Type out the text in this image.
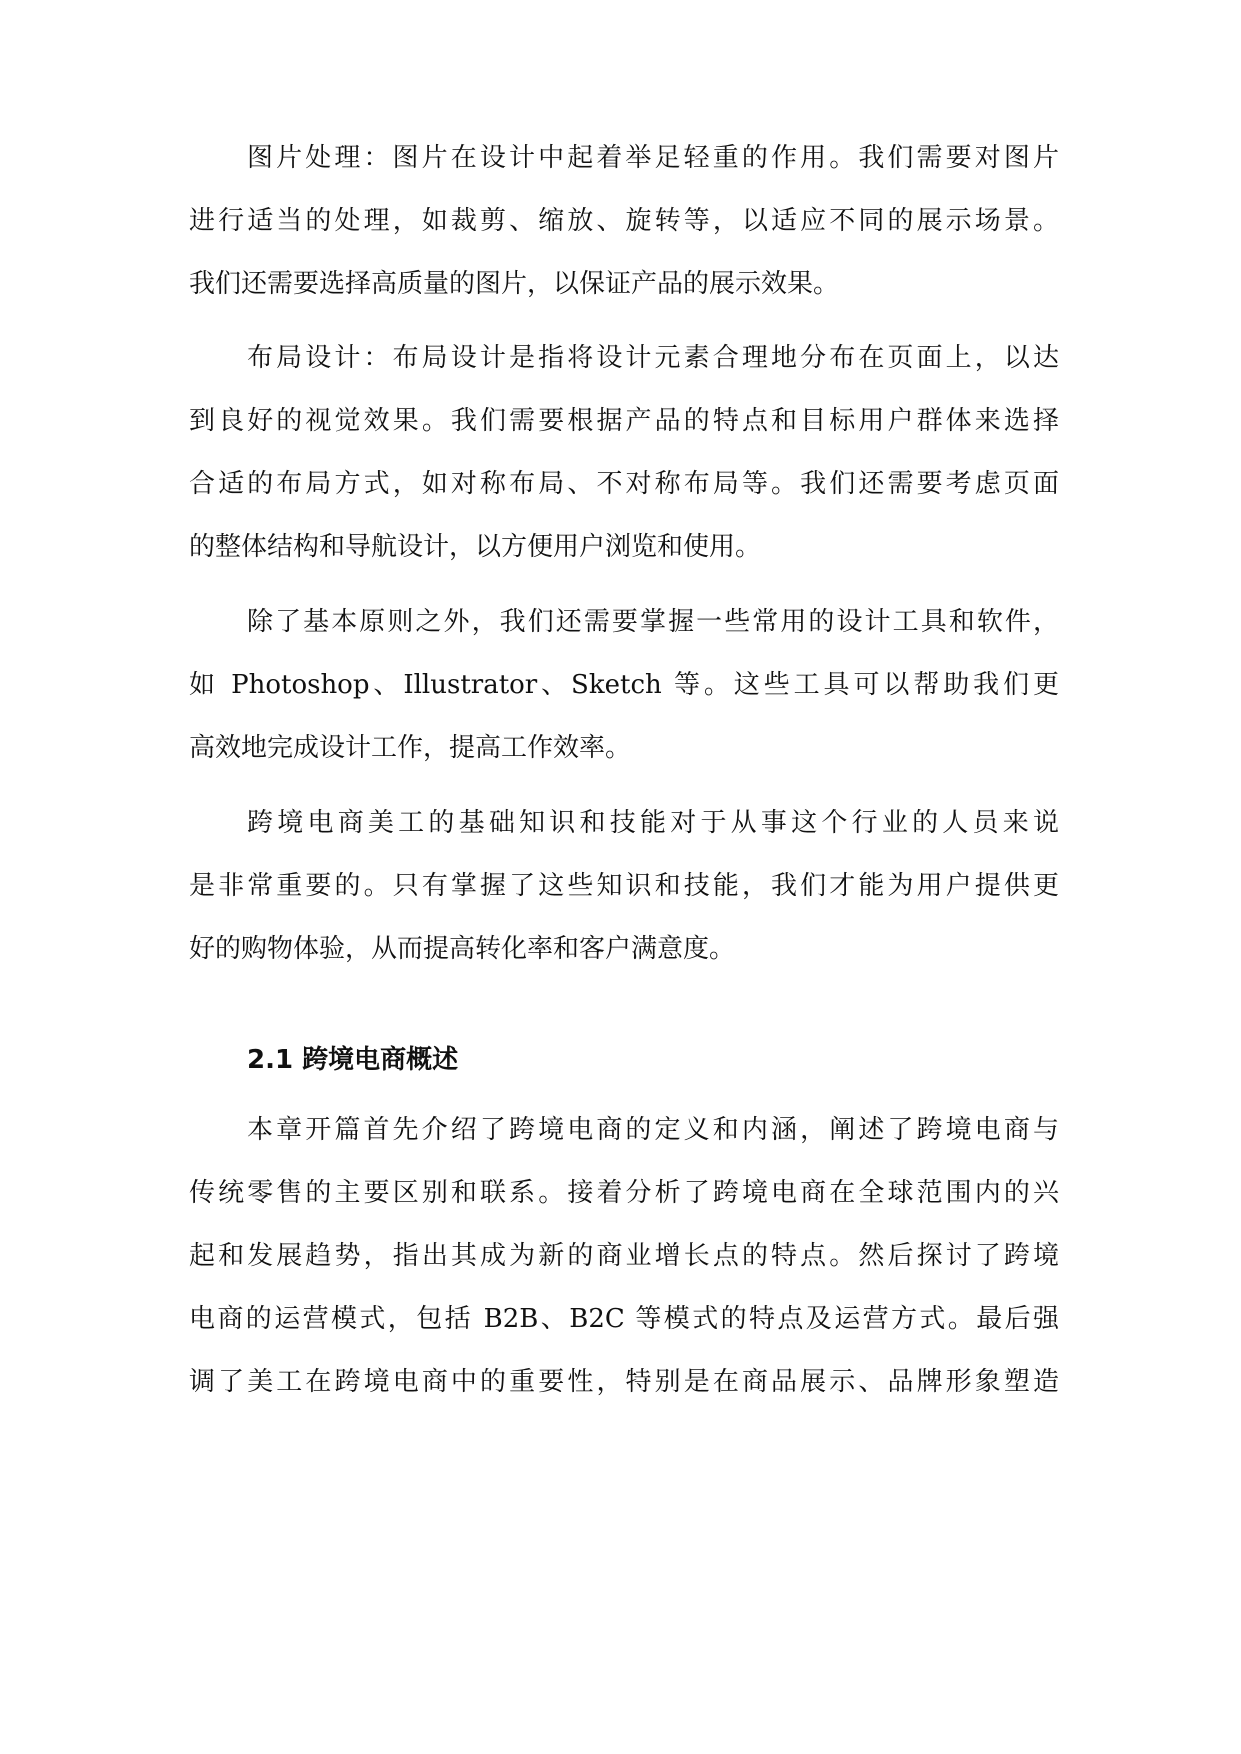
图片处理：图片在设计中起着举足轻重的作用。我们需要对图片
进行适当的处理，如裁剪、缩放、旋转等，以适应不同的展示场景。
我们还需要选择高质量的图片，以保证产品的展示效果。
布局设计：布局设计是指将设计元素合理地分布在页面上，以达
到良好的视觉效果。我们需要根据产品的特点和目标用户群体来选择
合适的布局方式，如对称布局、不对称布局等。我们还需要考虑页面
的整体结构和导航设计，以方便用户浏览和使用。
除了基本原则之外，我们还需要掌握一些常用的设计工具和软件，
如 Photoshop、Illustrator、Sketch 等。这些工具可以帮助我们更
高效地完成设计工作，提高工作效率。
跨境电商美工的基础知识和技能对于从事这个行业的人员来说
是非常重要的。只有掌握了这些知识和技能，我们才能为用户提供更
好的购物体验，从而提高转化率和客户满意度。
2.1 跨境电商概述
本章开篇首先介绍了跨境电商的定义和内涵，阐述了跨境电商与
传统零售的主要区别和联系。接着分析了跨境电商在全球范围内的兴
起和发展趋势，指出其成为新的商业增长点的特点。然后探讨了跨境
电商的运营模式，包括 B2B、B2C 等模式的特点及运营方式。最后强
调了美工在跨境电商中的重要性，特别是在商品展示、品牌形象塑造
